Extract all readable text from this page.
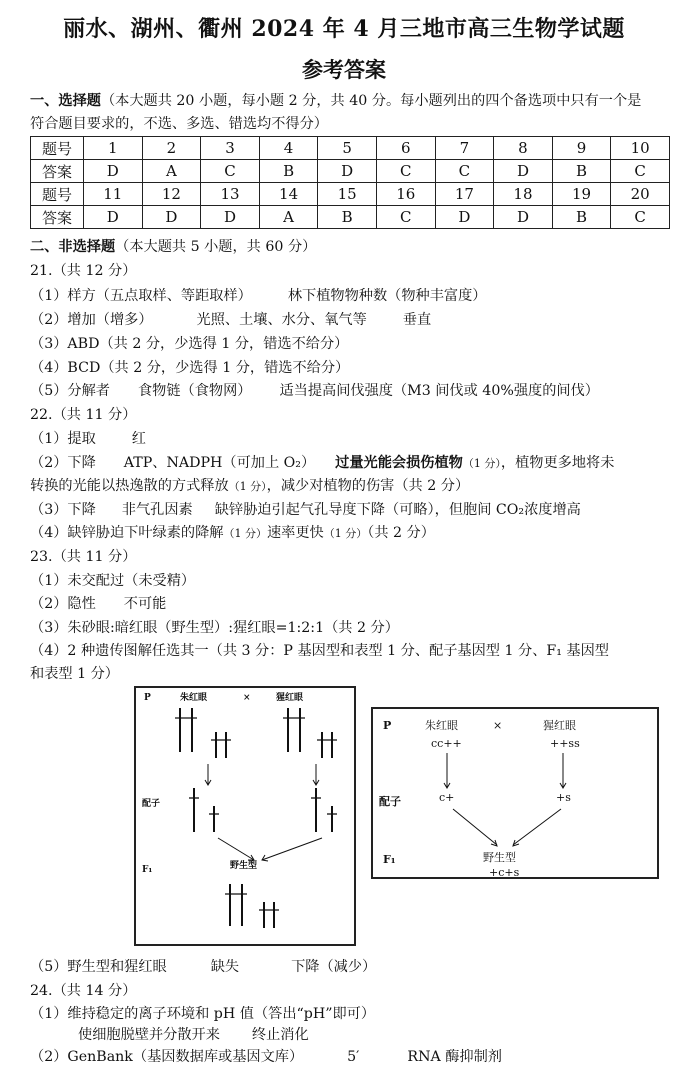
丽水、湖州、衢州 2024 年 4 月三地市高三生物学试题
参考答案
一、选择题（本大题共 20 小题，每小题 2 分，共 40 分。每小题列出的四个备选项中只有一个是
符合题目要求的，不选、多选、错选均不得分）
题号	1	2	3	4	5	6	7	8	9	10
答案	D	A	C	B	D	C	C	D	B	C
题号	11	12	13	14	15	16	17	18	19	20
答案	D	D	D	A	B	C	D	D	B	C
二、非选择题（本大题共 5 小题，共 60 分）
21.（共 12 分）
（1）样方（五点取样、等距取样）	林下植物物种数（物种丰富度）
（2）增加（增多）	光照、土壤、水分、氧气等	垂直
（3）ABD（共 2 分，少选得 1 分，错选不给分）
（4）BCD（共 2 分，少选得 1 分，错选不给分）
（5）分解者 食物链（食物网） 适当提高间伐强度（M3 间伐或 40%强度的间伐）
22.（共 11 分）
（1）提取	红
（2）下降 ATP、NADPH（可加上 O₂） 过量光能会损伤植物（1 分），植物更多地将未
转换的光能以热逸散的方式释放（1 分），减少对植物的伤害（共 2 分）
（3）下降 非气孔因素 缺锌胁迫引起气孔导度下降（可略），但胞间 CO₂浓度增高
（4）缺锌胁迫下叶绿素的降解（1 分）速率更快（1 分）（共 2 分）
23.（共 11 分）
（1）未交配过（未受精）
（2）隐性 不可能
（3）朱砂眼:暗红眼（野生型）:猩红眼=1:2:1（共 2 分）
（4）2 种遗传图解任选其一（共 3 分：P 基因型和表型 1 分、配子基因型 1 分、F₁ 基因型
和表型 1 分）
P	朱红眼	×	猩红眼
配子
F₁	野生型
P	朱红眼	×	猩红眼
cc++	++ss
配子	c+	+s
F₁	野生型
+c+s
（5）野生型和猩红眼	缺失	下降（减少）
24.（共 14 分）
（1）维持稳定的离子环境和 pH 值（答出“pH”即可）
使细胞脱壁并分散开来 终止消化
（2）GenBank（基因数据库或基因文库）	5′	RNA 酶抑制剂
